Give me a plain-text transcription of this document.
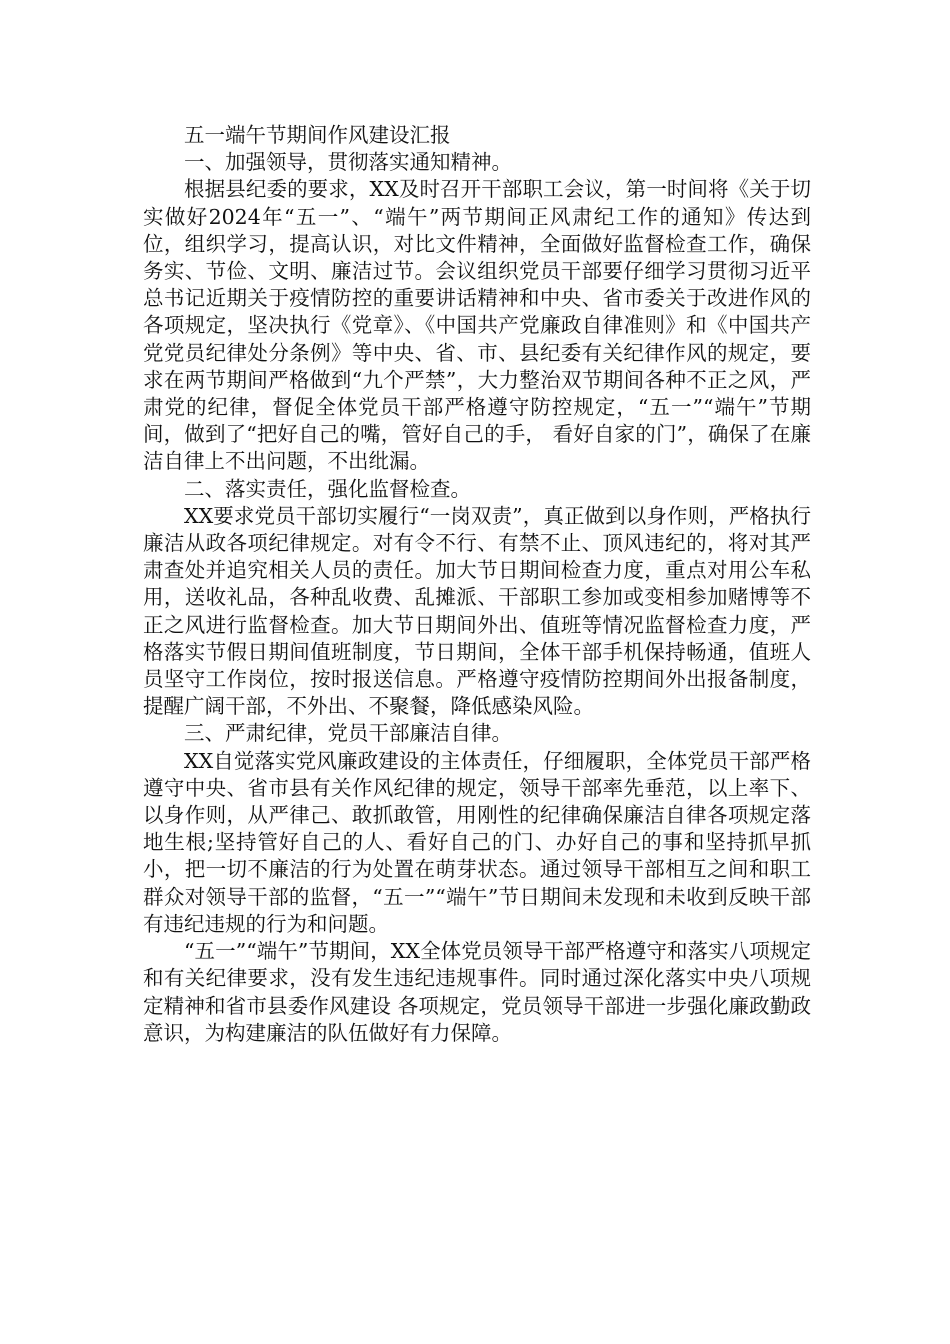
五一端午节期间作风建设汇报

一、加强领导，贯彻落实通知精神。

根据县纪委的要求，XX及时召开干部职工会议，第一时间将《关于切实做好2024年“五一”、“端午”两节期间正风肃纪工作的通知》传达到位，组织学习，提高认识，对比文件精神，全面做好监督检查工作，确保务实、节俭、文明、廉洁过节。会议组织党员干部要仔细学习贯彻习近平总书记近期关于疫情防控的重要讲话精神和中央、省市委关于改进作风的各项规定，坚决执行《党章》、《中国共产党廉政自律准则》和《中国共产党党员纪律处分条例》等中央、省、市、县纪委有关纪律作风的规定，要求在两节期间严格做到“九个严禁”，大力整治双节期间各种不正之风，严肃党的纪律，督促全体党员干部严格遵守防控规定，“五一”“端午”节期间，做到了“把好自己的嘴，管好自己的手， 看好自家的门”，确保了在廉洁自律上不出问题，不出纰漏。

二、落实责任，强化监督检查。

XX要求党员干部切实履行“一岗双责”，真正做到以身作则，严格执行廉洁从政各项纪律规定。对有令不行、有禁不止、顶风违纪的，将对其严肃查处并追究相关人员的责任。加大节日期间检查力度，重点对用公车私用，送收礼品，各种乱收费、乱摊派、干部职工参加或变相参加赌博等不正之风进行监督检查。加大节日期间外出、值班等情况监督检查力度，严格落实节假日期间值班制度，节日期间，全体干部手机保持畅通，值班人员坚守工作岗位，按时报送信息。严格遵守疫情防控期间外出报备制度，提醒广阔干部，不外出、不聚餐，降低感染风险。

三、严肃纪律，党员干部廉洁自律。

XX自觉落实党风廉政建设的主体责任，仔细履职，全体党员干部严格遵守中央、省市县有关作风纪律的规定，领导干部率先垂范，以上率下、以身作则，从严律己、敢抓敢管，用刚性的纪律确保廉洁自律各项规定落地生根;坚持管好自己的人、看好自己的门、办好自己的事和坚持抓早抓小，把一切不廉洁的行为处置在萌芽状态。通过领导干部相互之间和职工群众对领导干部的监督，“五一”“端午”节日期间未发现和未收到反映干部有违纪违规的行为和问题。

“五一”“端午”节期间，XX全体党员领导干部严格遵守和落实八项规定和有关纪律要求，没有发生违纪违规事件。同时通过深化落实中央八项规定精神和省市县委作风建设 各项规定，党员领导干部进一步强化廉政勤政意识，为构建廉洁的队伍做好有力保障。
